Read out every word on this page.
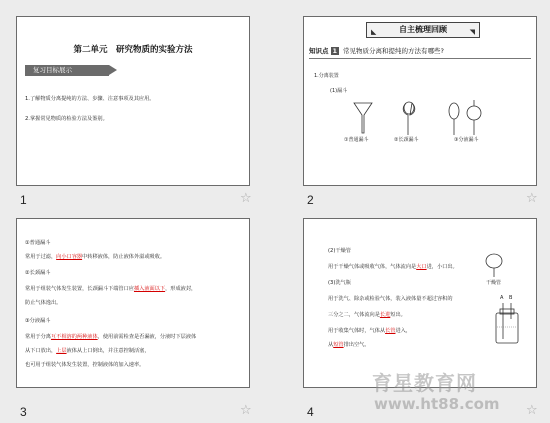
第二单元　研究物质的实验方法
复习目标展示
1.了解物质分离提纯的方法、步骤、注意事项及其应用。
2.掌握常见物质的检验方法及鉴别。
1	☆
◣	自主梳理回顾	◥
知识点 1 常见物质分离和提纯的方法有哪些?
1.分离装置
(1)漏斗
①普通漏斗	②长颈漏斗	③分液漏斗
2	☆
①普通漏斗
常用于过滤，向小口容器中转移液体，防止液体外溢或吸收。
②长颈漏斗
常用于组装气体发生装置，长颈漏斗下端管口应插入液面以下，形成液封，
防止气体逸出。
③分液漏斗
常用于分离互不相溶的两种液体，使用前需检查是否漏液，分液时下层液体
从下口放出，上层液体从上口倒出，并注意控制活塞，
也可用于组装气体发生装置，控制液体的加入速率。
3	☆
(2)干燥管
用于干燥气体或吸收气体，气体流向是大口进，小口出。
(3)洗气瓶
用于洗气、除杂或检验气体，装入液体量不超过容积的
三分之二，气体流向是长进短出。
用于收集气体时，气体从长管进入，
从短管排出空气。
干燥管
A B
4	☆
育星教育网
www.ht88.com
